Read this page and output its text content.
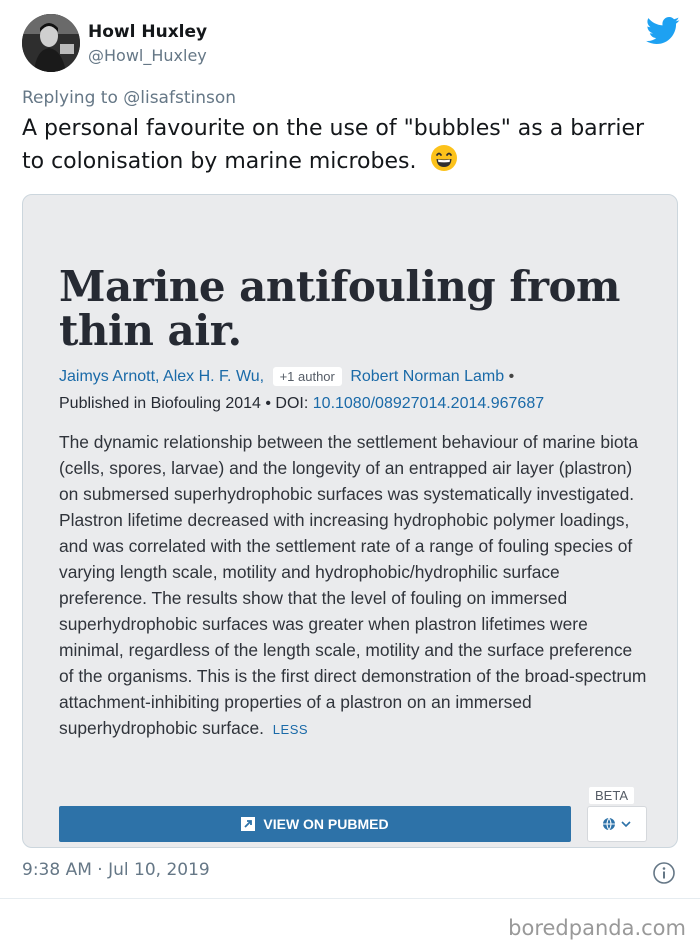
Howl Huxley
@Howl_Huxley
Replying to @lisafstinson
A personal favourite on the use of "bubbles" as a barrier to colonisation by marine microbes.
Marine antifouling from thin air.
Jaimys Arnott, Alex H. F. Wu, +1 author Robert Norman Lamb •
Published in Biofouling 2014 • DOI: 10.1080/08927014.2014.967687
The dynamic relationship between the settlement behaviour of marine biota (cells, spores, larvae) and the longevity of an entrapped air layer (plastron) on submersed superhydrophobic surfaces was systematically investigated. Plastron lifetime decreased with increasing hydrophobic polymer loadings, and was correlated with the settlement rate of a range of fouling species of varying length scale, motility and hydrophobic/hydrophilic surface preference. The results show that the level of fouling on immersed superhydrophobic surfaces was greater when plastron lifetimes were minimal, regardless of the length scale, motility and the surface preference of the organisms. This is the first direct demonstration of the broad-spectrum attachment-inhibiting properties of a plastron on an immersed superhydrophobic surface. LESS
BETA
VIEW ON PUBMED
9:38 AM · Jul 10, 2019
boredpanda.com
